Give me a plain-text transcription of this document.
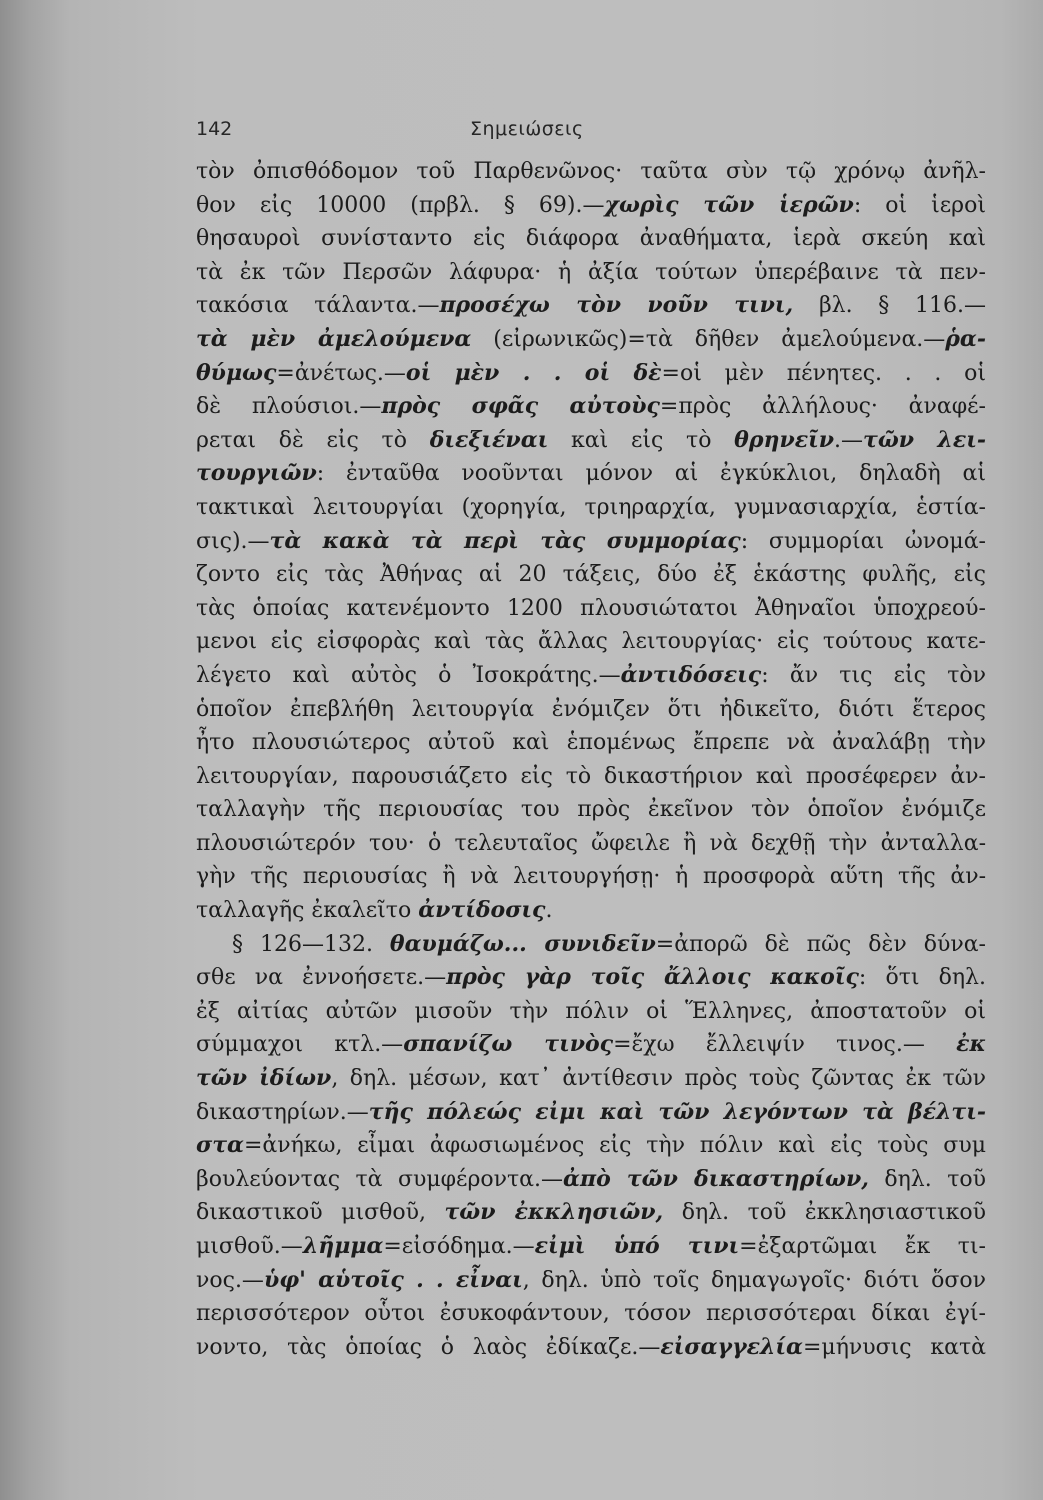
142	Σημειώσεις
τὸν ὀπισθόδομον τοῦ Παρθενῶνος· ταῦτα σὺν τῷ χρόνῳ ἀνῆλ-
θον εἰς 10000 (πρβλ. § 69).—χωρὶς τῶν ἱερῶν: οἱ ἱεροὶ
θησαυροὶ συνίσταντο εἰς διάφορα ἀναθήματα, ἱερὰ σκεύη καὶ
τὰ ἐκ τῶν Περσῶν λάφυρα· ἡ ἀξία τούτων ὑπερέβαινε τὰ πεν-
τακόσια τάλαντα.—προσέχω τὸν νοῦν τινι, βλ. § 116.—
τὰ μὲν ἀμελούμενα (εἰρωνικῶς)=τὰ δῆθεν ἀμελούμενα.—ῥα-
θύμως=ἀνέτως.—οἱ μὲν . . οἱ δὲ=οἱ μὲν πένητες. . . οἱ
δὲ πλούσιοι.—πρὸς σφᾶς αὐτοὺς=πρὸς ἀλλήλους· ἀναφέ-
ρεται δὲ εἰς τὸ διεξιέναι καὶ εἰς τὸ θρηνεῖν.—τῶν λει-
τουργιῶν: ἐνταῦθα νοοῦνται μόνον αἱ ἐγκύκλιοι, δηλαδὴ αἱ
τακτικαὶ λειτουργίαι (χορηγία, τριηραρχία, γυμνασιαρχία, ἑστία-
σις).—τὰ κακὰ τὰ περὶ τὰς συμμορίας: συμμορίαι ὠνομά-
ζοντο εἰς τὰς Ἀθήνας αἱ 20 τάξεις, δύο ἐξ ἑκάστης φυλῆς, εἰς
τὰς ὁποίας κατενέμοντο 1200 πλουσιώτατοι Ἀθηναῖοι ὑποχρεού-
μενοι εἰς εἰσφορὰς καὶ τὰς ἄλλας λειτουργίας· εἰς τούτους κατε-
λέγετο καὶ αὐτὸς ὁ Ἰσοκράτης.—ἀντιδόσεις: ἄν τις εἰς τὸν
ὁποῖον ἐπεβλήθη λειτουργία ἐνόμιζεν ὅτι ἠδικεῖτο, διότι ἕτερος
ἦτο πλουσιώτερος αὐτοῦ καὶ ἑπομένως ἔπρεπε νὰ ἀναλάβῃ τὴν
λειτουργίαν, παρουσιάζετο εἰς τὸ δικαστήριον καὶ προσέφερεν ἀν-
ταλλαγὴν τῆς περιουσίας του πρὸς ἐκεῖνον τὸν ὁποῖον ἐνόμιζε
πλουσιώτερόν του· ὁ τελευταῖος ὤφειλε ἢ νὰ δεχθῇ τὴν ἀνταλλα-
γὴν τῆς περιουσίας ἢ νὰ λειτουργήσῃ· ἡ προσφορὰ αὕτη τῆς ἀν-
ταλλαγῆς ἐκαλεῖτο ἀντίδοσις.
§ 126—132. θαυμάζω... συνιδεῖν=ἀπορῶ δὲ πῶς δὲν δύνα-
σθε να ἐννοήσετε.—πρὸς γὰρ τοῖς ἄλλοις κακοῖς: ὅτι δηλ.
ἐξ αἰτίας αὐτῶν μισοῦν τὴν πόλιν οἱ Ἕλληνες, ἀποστατοῦν οἱ
σύμμαχοι κτλ.—σπανίζω τινὸς=ἔχω ἔλλειψίν τινος.— ἐκ
τῶν ἰδίων, δηλ. μέσων, κατ᾽ ἀντίθεσιν πρὸς τοὺς ζῶντας ἐκ τῶν
δικαστηρίων.—τῆς πόλεώς εἰμι καὶ τῶν λεγόντων τὰ βέλτι-
στα=ἀνήκω, εἶμαι ἀφωσιωμένος εἰς τὴν πόλιν καὶ εἰς τοὺς συμ
βουλεύοντας τὰ συμφέροντα.—ἀπὸ τῶν δικαστηρίων, δηλ. τοῦ
δικαστικοῦ μισθοῦ, τῶν ἐκκλησιῶν, δηλ. τοῦ ἐκκλησιαστικοῦ
μισθοῦ.—λῆμμα=εἰσόδημα.—εἰμὶ ὑπό τινι=ἐξαρτῶμαι ἔκ τι-
νος.—ὑφ' αὑτοῖς . . εἶναι, δηλ. ὑπὸ τοῖς δημαγωγοῖς· διότι ὅσον
περισσότερον οὗτοι ἐσυκοφάντουν, τόσον περισσότεραι δίκαι ἐγί-
νοντο, τὰς ὁποίας ὁ λαὸς ἐδίκαζε.—εἰσαγγελία=μήνυσις κατὰ
